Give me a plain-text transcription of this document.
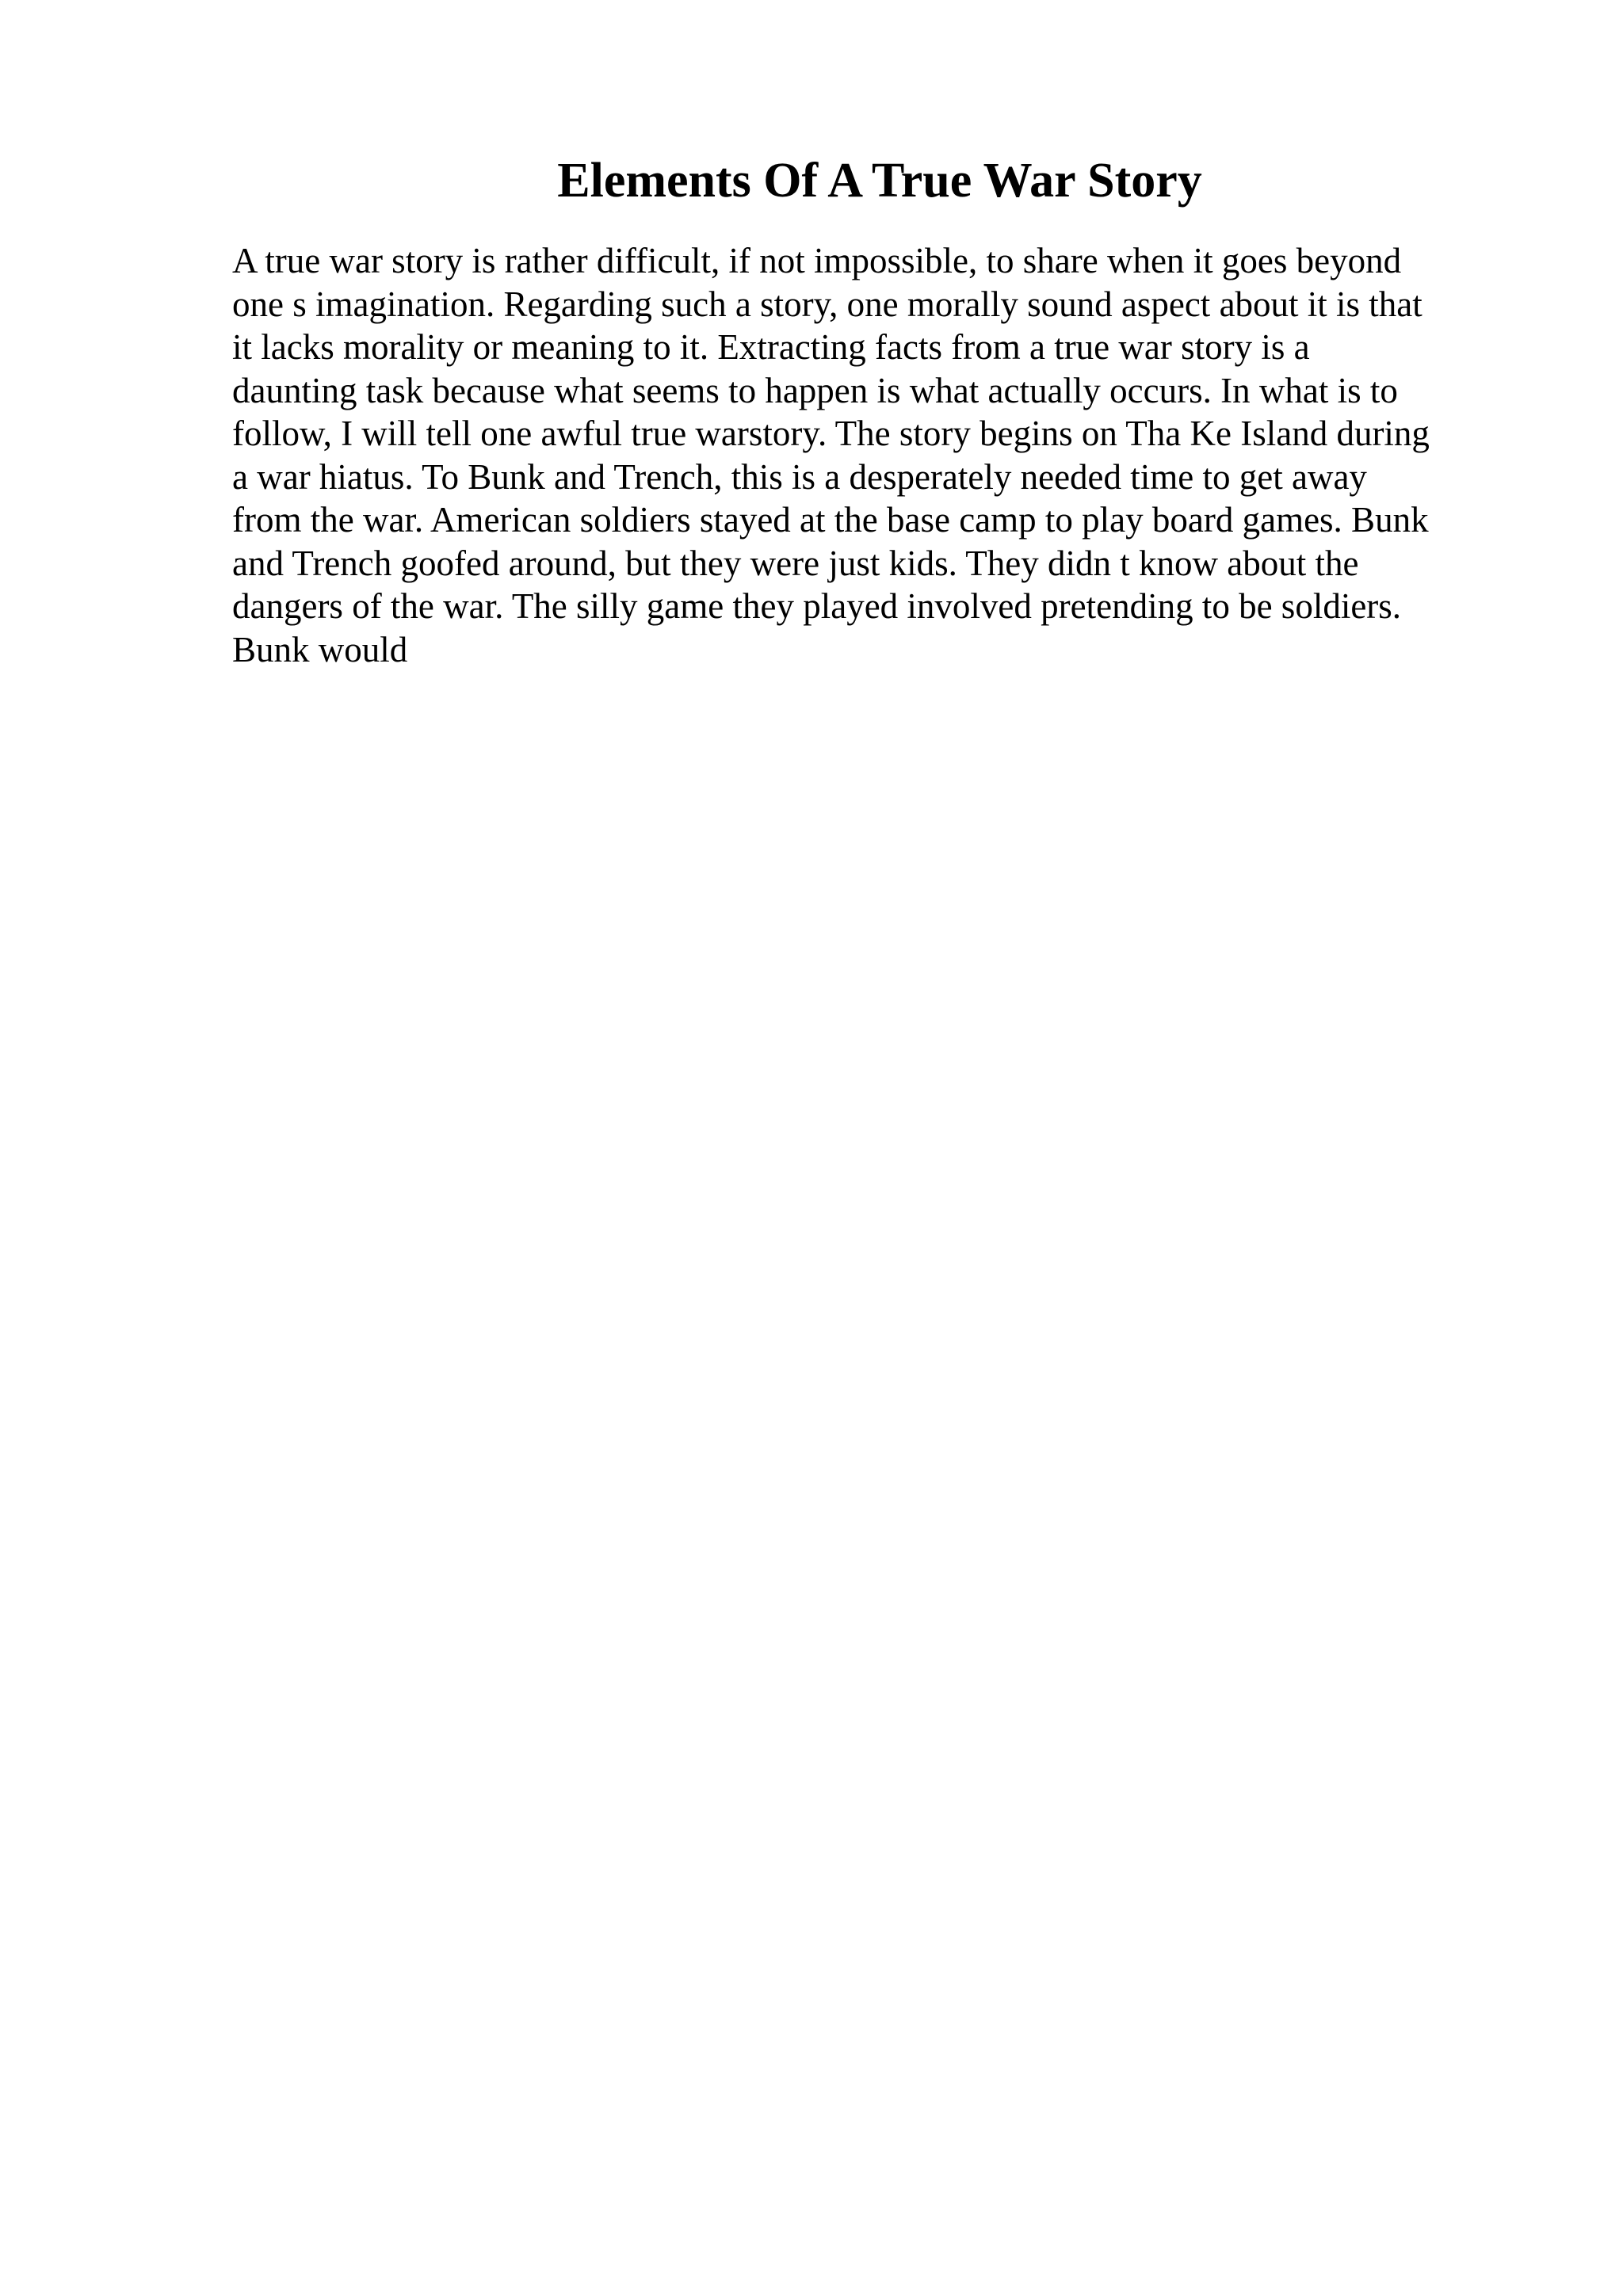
Elements Of A True War Story
A true war story is rather difficult, if not impossible, to share when it goes beyond
one s imagination. Regarding such a story, one morally sound aspect about it is that
it lacks morality or meaning to it. Extracting facts from a true war story is a
daunting task because what seems to happen is what actually occurs. In what is to
follow, I will tell one awful true warstory. The story begins on Tha Ke Island during
a war hiatus. To Bunk and Trench, this is a desperately needed time to get away
from the war. American soldiers stayed at the base camp to play board games. Bunk
and Trench goofed around, but they were just kids. They didn t know about the
dangers of the war. The silly game they played involved pretending to be soldiers.
Bunk would
